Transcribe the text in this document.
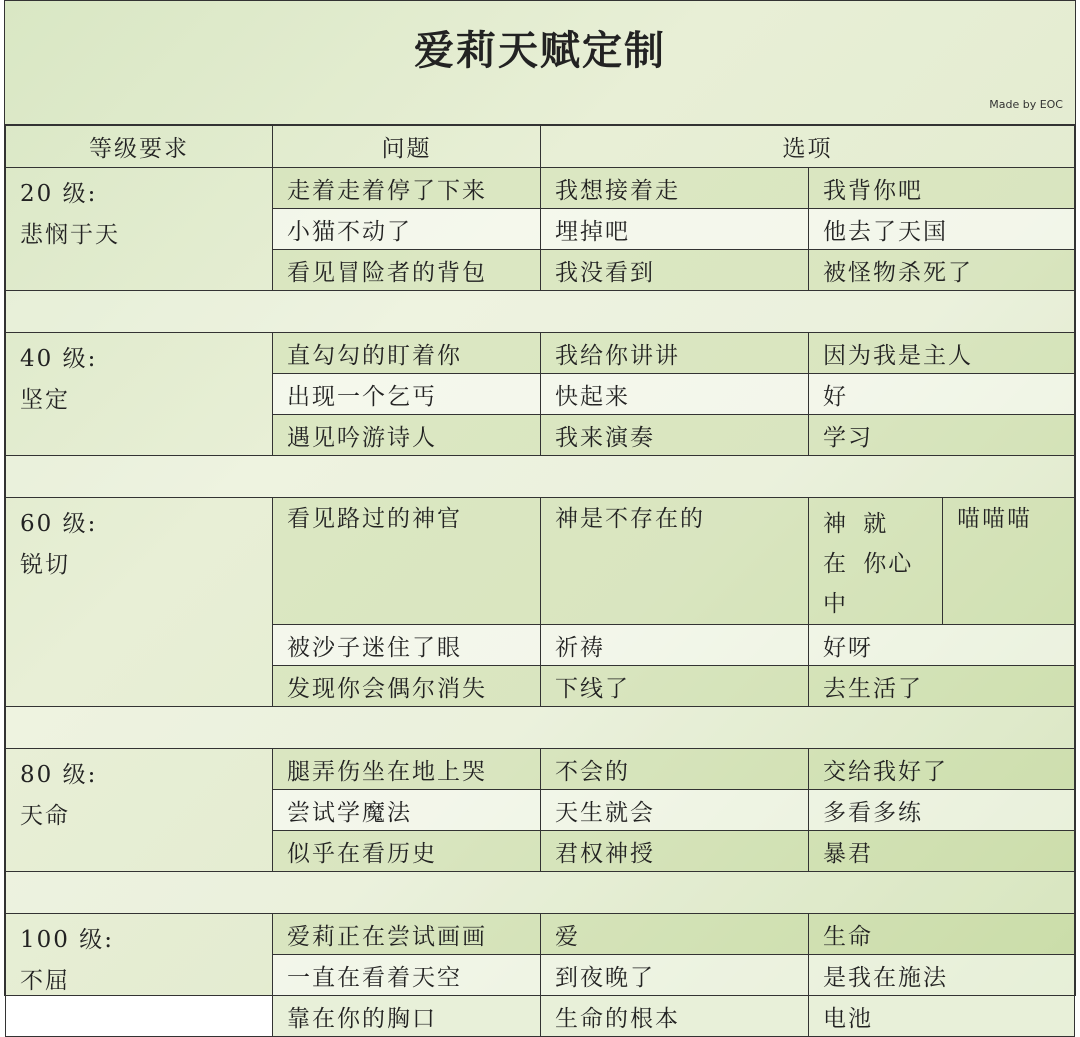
爱莉天赋定制
Made by EOC
等级要求	问题	选项		

20 级:
悲悯于天	走着走着停了下来	我想接着走	我背你吧	
	小猫不动了	埋掉吧	他去了天国	
	看见冒险者的背包	我没看到	被怪物杀死了	

40 级:
坚定	直勾勾的盯着你	我给你讲讲	因为我是主人	
	出现一个乞丐	快起来	好	
	遇见吟游诗人	我来演奏	学习	

60 级:
锐切	看见路过的神官	神是不存在的	神 就 在 你心中	喵喵喵
	被沙子迷住了眼	祈祷	好呀	
	发现你会偶尔消失	下线了	去生活了	

80 级:
天命	腿弄伤坐在地上哭	不会的	交给我好了	
	尝试学魔法	天生就会	多看多练	
	似乎在看历史	君权神授	暴君	

100 级:
不屈	爱莉正在尝试画画	爱	生命	
	一直在看着天空	到夜晚了	是我在施法	
	靠在你的胸口	生命的根本	电池	
